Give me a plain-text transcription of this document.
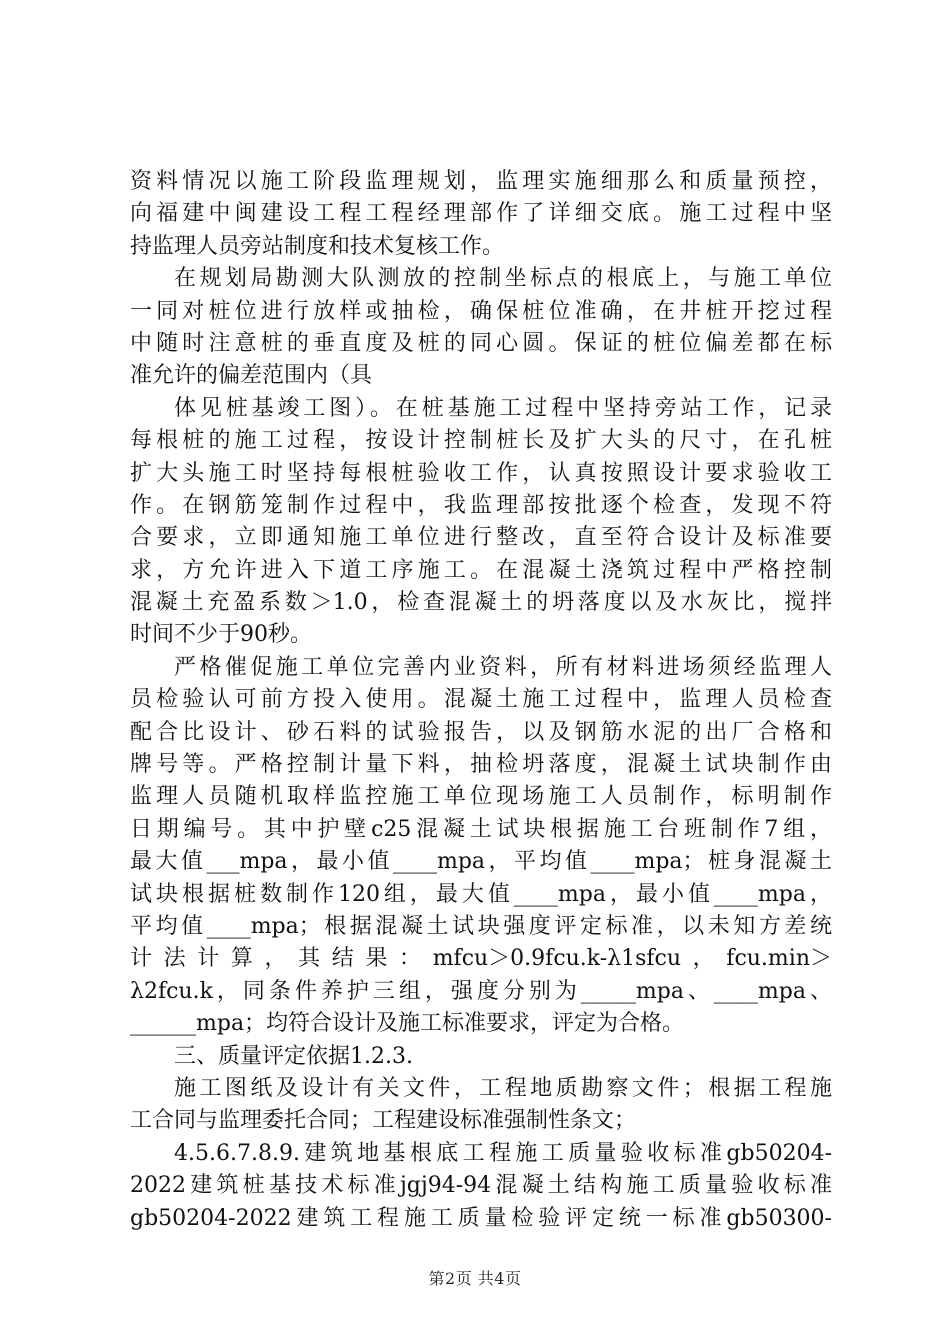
资料情况以施工阶段监理规划，监理实施细那么和质量预控，
向福建中闽建设工程工程经理部作了详细交底。施工过程中坚
持监理人员旁站制度和技术复核工作。
在规划局勘测大队测放的控制坐标点的根底上，与施工单位
一同对桩位进行放样或抽检，确保桩位准确，在井桩开挖过程
中随时注意桩的垂直度及桩的同心圆。保证的桩位偏差都在标
准允许的偏差范围内（具
体见桩基竣工图）。在桩基施工过程中坚持旁站工作，记录
每根桩的施工过程，按设计控制桩长及扩大头的尺寸，在孔桩
扩大头施工时坚持每根桩验收工作，认真按照设计要求验收工
作。在钢筋笼制作过程中，我监理部按批逐个检查，发现不符
合要求，立即通知施工单位进行整改，直至符合设计及标准要
求，方允许进入下道工序施工。在混凝土浇筑过程中严格控制
混凝土充盈系数＞1.0，检查混凝土的坍落度以及水灰比，搅拌
时间不少于90秒。
严格催促施工单位完善内业资料，所有材料进场须经监理人
员检验认可前方投入使用。混凝土施工过程中，监理人员检查
配合比设计、砂石料的试验报告，以及钢筋水泥的出厂合格和
牌号等。严格控制计量下料，抽检坍落度，混凝土试块制作由
监理人员随机取样监控施工单位现场施工人员制作，标明制作
日期编号。其中护壁c25混凝土试块根据施工台班制作7组，
最大值___mpa，最小值____mpa，平均值____mpa；桩身混凝土
试块根据桩数制作120组，最大值____mpa，最小值____mpa，
平均值____mpa；根据混凝土试块强度评定标准，以未知方差统
计法计算，其结果：mfcu＞0.9fcu.k-λ1sfcu，fcu.min＞
λ2fcu.k，同条件养护三组，强度分别为_____mpa、____mpa、
______mpa；均符合设计及施工标准要求，评定为合格。
三、质量评定依据1.2.3.
施工图纸及设计有关文件，工程地质勘察文件；根据工程施
工合同与监理委托合同；工程建设标准强制性条文；
4.5.6.7.8.9.建筑地基根底工程施工质量验收标准gb50204-
2022建筑桩基技术标准jgj94-94混凝土结构施工质量验收标准
gb50204-2022建筑工程施工质量检验评定统一标准gb50300-
第2页 共4页
